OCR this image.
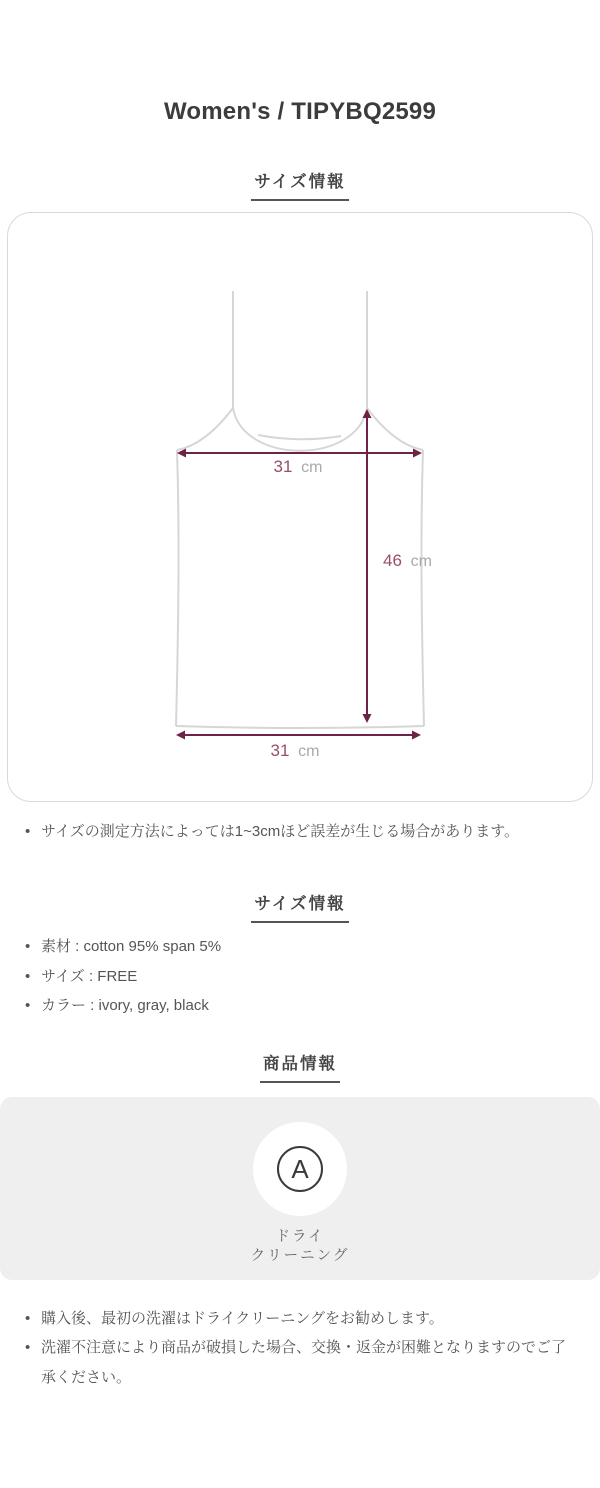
Women's / TIPYBQ2599
サイズ情報
31 cm
46 cm
31 cm
• サイズの測定方法によっては1~3cmほど誤差が生じる場合があります。
サイズ情報
• 素材 : cotton 95% span 5%
• サイズ : FREE
• カラー : ivory, gray, black
商品情報
A
ドライ
クリーニング
• 購入後、最初の洗濯はドライクリーニングをお勧めします。
• 洗濯不注意により商品が破損した場合、交換・返金が困難となりますのでご了承ください。
